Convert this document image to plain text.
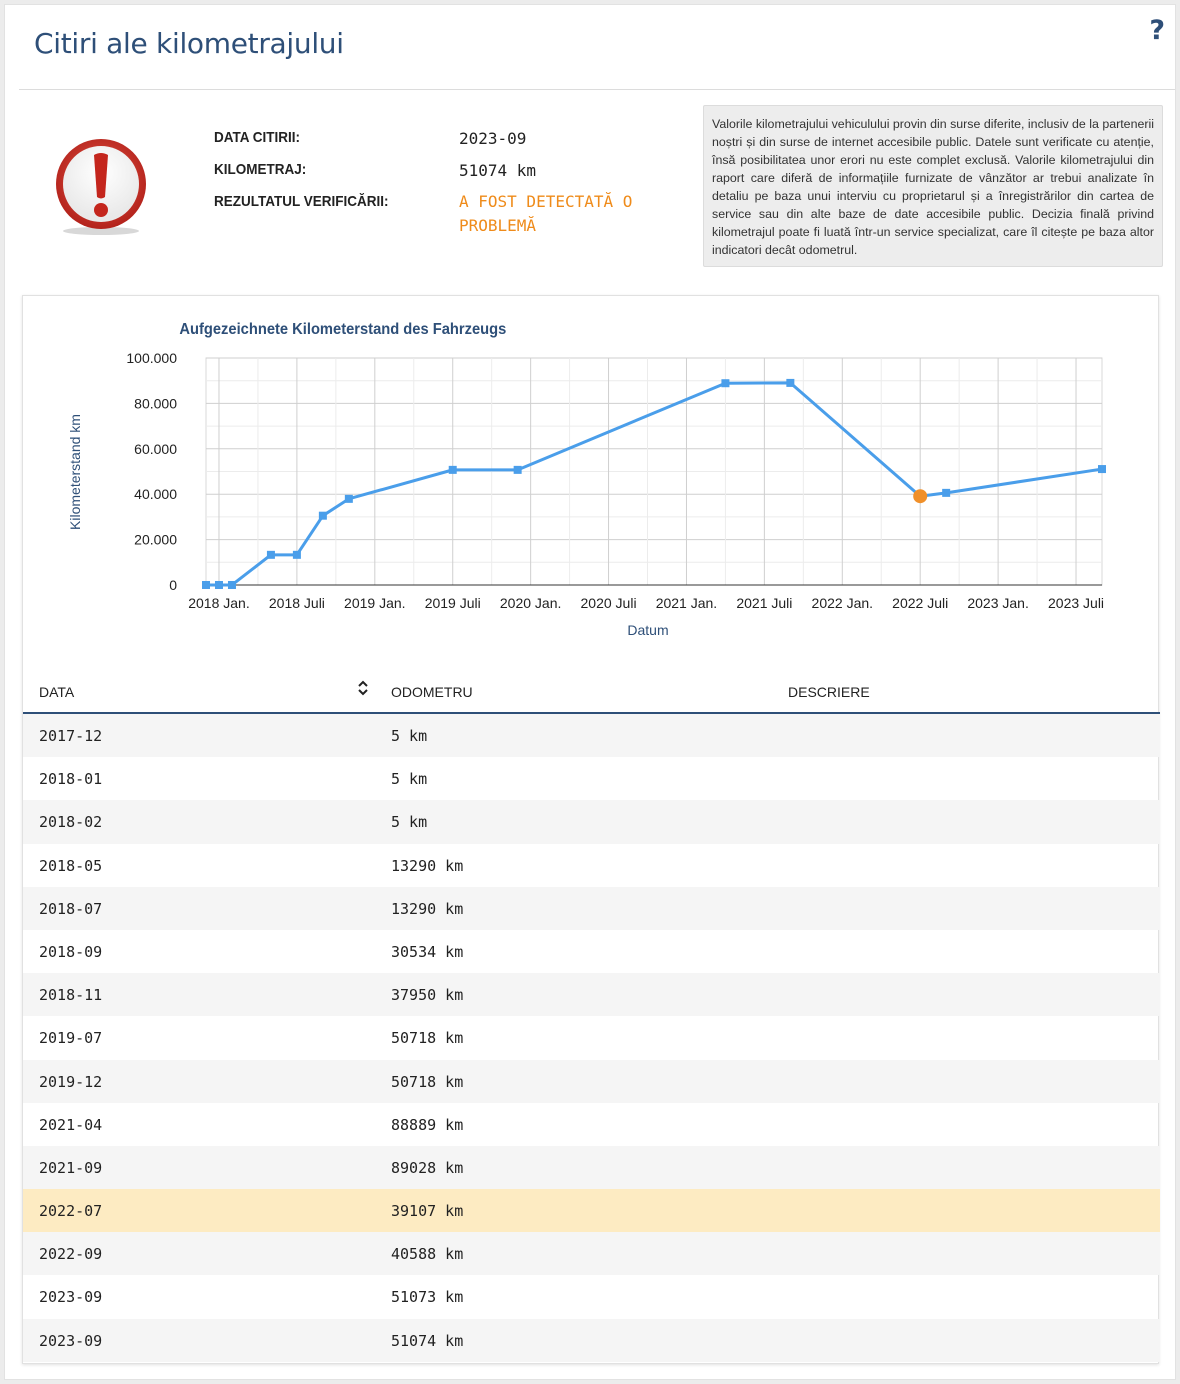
Citiri ale kilometrajului	?
DATA CITIRII:	2023-09
KILOMETRAJ:	51074 km
REZULTATUL VERIFICĂRII:	A FOST DETECTATĂ O PROBLEMĂ
Valorile kilometrajului vehiculului provin din surse diferite, inclusiv de la partenerii noștri și din surse de internet accesibile public. Datele sunt verificate cu atenție, însă posibilitatea unor erori nu este complet exclusă. Valorile kilometrajului din raport care diferă de informațiile furnizate de vânzător ar trebui analizate în detaliu pe baza unui interviu cu proprietarul și a înregistrărilor din cartea de service sau din alte baze de date accesibile public. Decizia finală privind kilometrajul poate fi luată într-un service specializat, care îl citește pe baza altor indicatori decât odometrul.
Aufgezeichnete Kilometerstand des Fahrzeugs
Kilometerstand km
Datum
0
20.000
40.000
60.000
80.000
100.000
2018 Jan. 2018 Juli 2019 Jan. 2019 Juli 2020 Jan. 2020 Juli 2021 Jan. 2021 Juli 2022 Jan. 2022 Juli 2023 Jan. 2023 Juli
DATA	ODOMETRU	DESCRIERE
2017-12	5 km
2018-01	5 km
2018-02	5 km
2018-05	13290 km
2018-07	13290 km
2018-09	30534 km
2018-11	37950 km
2019-07	50718 km
2019-12	50718 km
2021-04	88889 km
2021-09	89028 km
2022-07	39107 km
2022-09	40588 km
2023-09	51073 km
2023-09	51074 km
